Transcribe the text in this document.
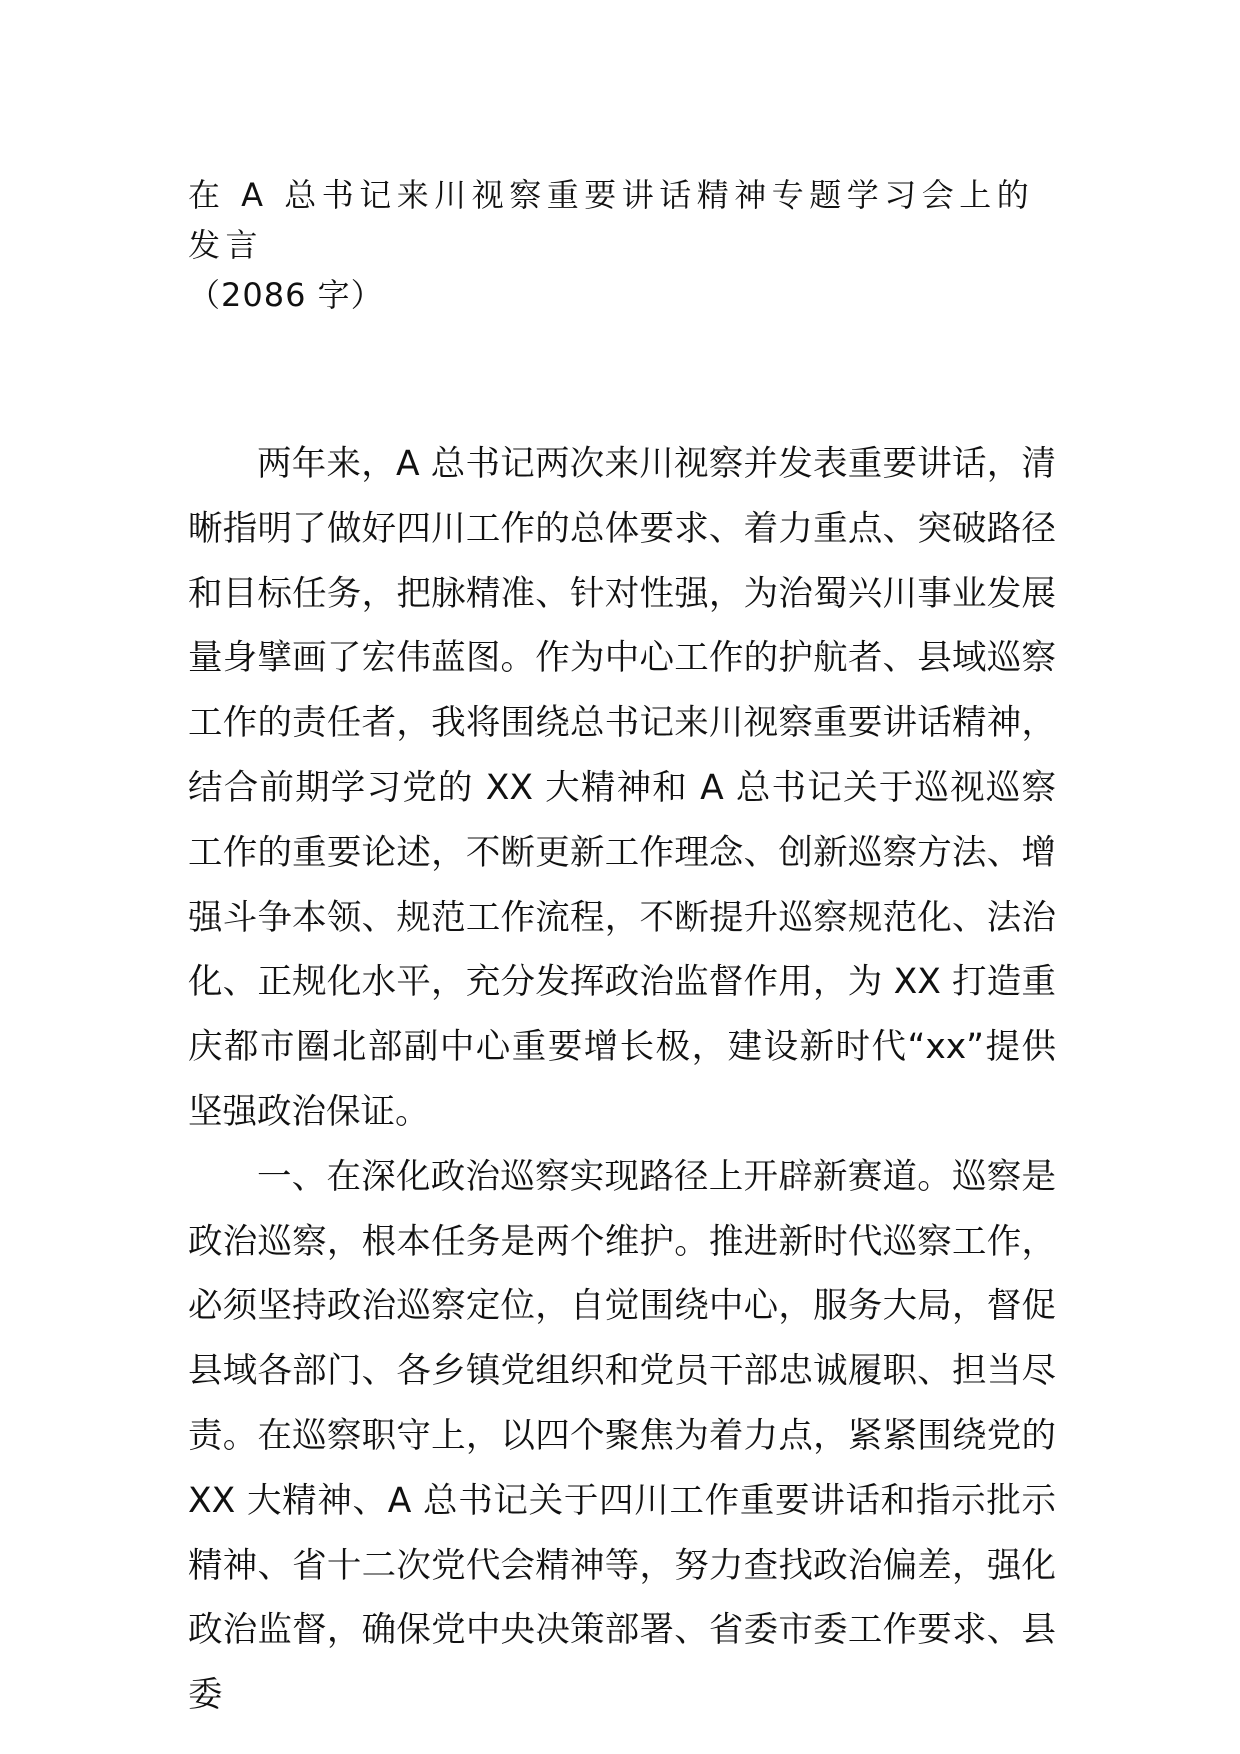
在 A 总书记来川视察重要讲话精神专题学习会上的发言
（2086 字）

两年来，A 总书记两次来川视察并发表重要讲话，清晰指明了做好四川工作的总体要求、着力重点、突破路径和目标任务，把脉精准、针对性强，为治蜀兴川事业发展量身擘画了宏伟蓝图。作为中心工作的护航者、县域巡察工作的责任者，我将围绕总书记来川视察重要讲话精神，结合前期学习党的 XX 大精神和 A 总书记关于巡视巡察工作的重要论述，不断更新工作理念、创新巡察方法、增强斗争本领、规范工作流程，不断提升巡察规范化、法治化、正规化水平，充分发挥政治监督作用，为 XX 打造重庆都市圈北部副中心重要增长极，建设新时代“xx”提供坚强政治保证。

一、在深化政治巡察实现路径上开辟新赛道。巡察是政治巡察，根本任务是两个维护。推进新时代巡察工作，必须坚持政治巡察定位，自觉围绕中心，服务大局，督促县域各部门、各乡镇党组织和党员干部忠诚履职、担当尽责。在巡察职守上，以四个聚焦为着力点，紧紧围绕党的 XX 大精神、A 总书记关于四川工作重要讲话和指示批示精神、省十二次党代会精神等，努力查找政治偏差，强化政治监督，确保党中央决策部署、省委市委工作要求、县委
